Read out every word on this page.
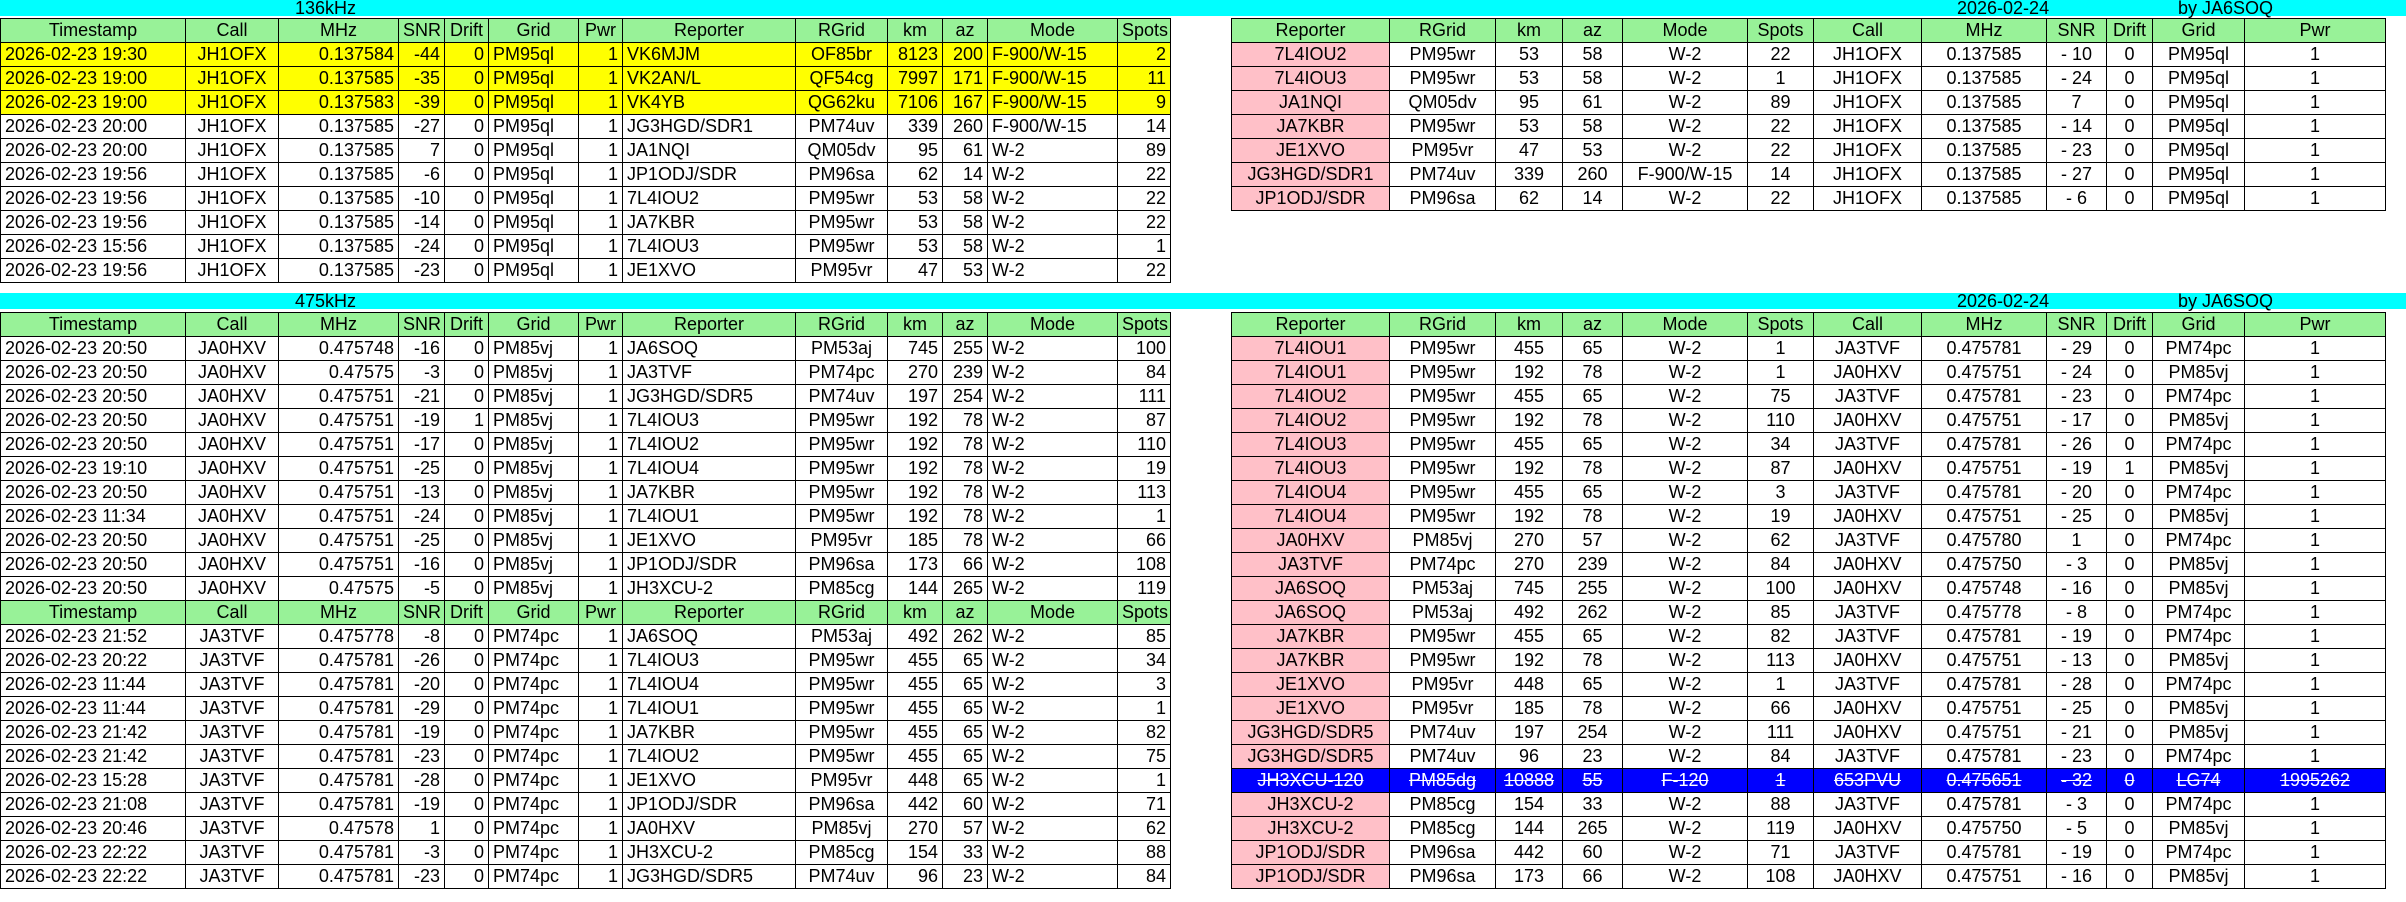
136kHz	2026-02-24	by JA6SOQ
475kHz	2026-02-24	by JA6SOQ
Timestamp	Call	MHz	SNR	Drift	Grid	Pwr	Reporter	RGrid	km	az	Mode	Spots
2026-02-23 19:30	JH1OFX	0.137584	-44	0	PM95ql	1	VK6MJM	OF85br	8123	200	F-900/W-15	2
2026-02-23 19:00	JH1OFX	0.137585	-35	0	PM95ql	1	VK2AN/L	QF54cg	7997	171	F-900/W-15	11
2026-02-23 19:00	JH1OFX	0.137583	-39	0	PM95ql	1	VK4YB	QG62ku	7106	167	F-900/W-15	9
2026-02-23 20:00	JH1OFX	0.137585	-27	0	PM95ql	1	JG3HGD/SDR1	PM74uv	339	260	F-900/W-15	14
2026-02-23 20:00	JH1OFX	0.137585	7	0	PM95ql	1	JA1NQI	QM05dv	95	61	W-2	89
2026-02-23 19:56	JH1OFX	0.137585	-6	0	PM95ql	1	JP1ODJ/SDR	PM96sa	62	14	W-2	22
2026-02-23 19:56	JH1OFX	0.137585	-10	0	PM95ql	1	7L4IOU2	PM95wr	53	58	W-2	22
2026-02-23 19:56	JH1OFX	0.137585	-14	0	PM95ql	1	JA7KBR	PM95wr	53	58	W-2	22
2026-02-23 15:56	JH1OFX	0.137585	-24	0	PM95ql	1	7L4IOU3	PM95wr	53	58	W-2	1
2026-02-23 19:56	JH1OFX	0.137585	-23	0	PM95ql	1	JE1XVO	PM95vr	47	53	W-2	22
Reporter	RGrid	km	az	Mode	Spots	Call	MHz	SNR	Drift	Grid	Pwr
7L4IOU2	PM95wr	53	58	W-2	22	JH1OFX	0.137585	- 10	0	PM95ql	1
7L4IOU3	PM95wr	53	58	W-2	1	JH1OFX	0.137585	- 24	0	PM95ql	1
JA1NQI	QM05dv	95	61	W-2	89	JH1OFX	0.137585	7	0	PM95ql	1
JA7KBR	PM95wr	53	58	W-2	22	JH1OFX	0.137585	- 14	0	PM95ql	1
JE1XVO	PM95vr	47	53	W-2	22	JH1OFX	0.137585	- 23	0	PM95ql	1
JG3HGD/SDR1	PM74uv	339	260	F-900/W-15	14	JH1OFX	0.137585	- 27	0	PM95ql	1
JP1ODJ/SDR	PM96sa	62	14	W-2	22	JH1OFX	0.137585	- 6	0	PM95ql	1
Timestamp	Call	MHz	SNR	Drift	Grid	Pwr	Reporter	RGrid	km	az	Mode	Spots
2026-02-23 20:50	JA0HXV	0.475748	-16	0	PM85vj	1	JA6SOQ	PM53aj	745	255	W-2	100
2026-02-23 20:50	JA0HXV	0.47575	-3	0	PM85vj	1	JA3TVF	PM74pc	270	239	W-2	84
2026-02-23 20:50	JA0HXV	0.475751	-21	0	PM85vj	1	JG3HGD/SDR5	PM74uv	197	254	W-2	111
2026-02-23 20:50	JA0HXV	0.475751	-19	1	PM85vj	1	7L4IOU3	PM95wr	192	78	W-2	87
2026-02-23 20:50	JA0HXV	0.475751	-17	0	PM85vj	1	7L4IOU2	PM95wr	192	78	W-2	110
2026-02-23 19:10	JA0HXV	0.475751	-25	0	PM85vj	1	7L4IOU4	PM95wr	192	78	W-2	19
2026-02-23 20:50	JA0HXV	0.475751	-13	0	PM85vj	1	JA7KBR	PM95wr	192	78	W-2	113
2026-02-23 11:34	JA0HXV	0.475751	-24	0	PM85vj	1	7L4IOU1	PM95wr	192	78	W-2	1
2026-02-23 20:50	JA0HXV	0.475751	-25	0	PM85vj	1	JE1XVO	PM95vr	185	78	W-2	66
2026-02-23 20:50	JA0HXV	0.475751	-16	0	PM85vj	1	JP1ODJ/SDR	PM96sa	173	66	W-2	108
2026-02-23 20:50	JA0HXV	0.47575	-5	0	PM85vj	1	JH3XCU-2	PM85cg	144	265	W-2	119
Timestamp	Call	MHz	SNR	Drift	Grid	Pwr	Reporter	RGrid	km	az	Mode	Spots
2026-02-23 21:52	JA3TVF	0.475778	-8	0	PM74pc	1	JA6SOQ	PM53aj	492	262	W-2	85
2026-02-23 20:22	JA3TVF	0.475781	-26	0	PM74pc	1	7L4IOU3	PM95wr	455	65	W-2	34
2026-02-23 11:44	JA3TVF	0.475781	-20	0	PM74pc	1	7L4IOU4	PM95wr	455	65	W-2	3
2026-02-23 11:44	JA3TVF	0.475781	-29	0	PM74pc	1	7L4IOU1	PM95wr	455	65	W-2	1
2026-02-23 21:42	JA3TVF	0.475781	-19	0	PM74pc	1	JA7KBR	PM95wr	455	65	W-2	82
2026-02-23 21:42	JA3TVF	0.475781	-23	0	PM74pc	1	7L4IOU2	PM95wr	455	65	W-2	75
2026-02-23 15:28	JA3TVF	0.475781	-28	0	PM74pc	1	JE1XVO	PM95vr	448	65	W-2	1
2026-02-23 21:08	JA3TVF	0.475781	-19	0	PM74pc	1	JP1ODJ/SDR	PM96sa	442	60	W-2	71
2026-02-23 20:46	JA3TVF	0.47578	1	0	PM74pc	1	JA0HXV	PM85vj	270	57	W-2	62
2026-02-23 22:22	JA3TVF	0.475781	-3	0	PM74pc	1	JH3XCU-2	PM85cg	154	33	W-2	88
2026-02-23 22:22	JA3TVF	0.475781	-23	0	PM74pc	1	JG3HGD/SDR5	PM74uv	96	23	W-2	84
Reporter	RGrid	km	az	Mode	Spots	Call	MHz	SNR	Drift	Grid	Pwr
7L4IOU1	PM95wr	455	65	W-2	1	JA3TVF	0.475781	- 29	0	PM74pc	1
7L4IOU1	PM95wr	192	78	W-2	1	JA0HXV	0.475751	- 24	0	PM85vj	1
7L4IOU2	PM95wr	455	65	W-2	75	JA3TVF	0.475781	- 23	0	PM74pc	1
7L4IOU2	PM95wr	192	78	W-2	110	JA0HXV	0.475751	- 17	0	PM85vj	1
7L4IOU3	PM95wr	455	65	W-2	34	JA3TVF	0.475781	- 26	0	PM74pc	1
7L4IOU3	PM95wr	192	78	W-2	87	JA0HXV	0.475751	- 19	1	PM85vj	1
7L4IOU4	PM95wr	455	65	W-2	3	JA3TVF	0.475781	- 20	0	PM74pc	1
7L4IOU4	PM95wr	192	78	W-2	19	JA0HXV	0.475751	- 25	0	PM85vj	1
JA0HXV	PM85vj	270	57	W-2	62	JA3TVF	0.475780	1	0	PM74pc	1
JA3TVF	PM74pc	270	239	W-2	84	JA0HXV	0.475750	- 3	0	PM85vj	1
JA6SOQ	PM53aj	745	255	W-2	100	JA0HXV	0.475748	- 16	0	PM85vj	1
JA6SOQ	PM53aj	492	262	W-2	85	JA3TVF	0.475778	- 8	0	PM74pc	1
JA7KBR	PM95wr	455	65	W-2	82	JA3TVF	0.475781	- 19	0	PM74pc	1
JA7KBR	PM95wr	192	78	W-2	113	JA0HXV	0.475751	- 13	0	PM85vj	1
JE1XVO	PM95vr	448	65	W-2	1	JA3TVF	0.475781	- 28	0	PM74pc	1
JE1XVO	PM95vr	185	78	W-2	66	JA0HXV	0.475751	- 25	0	PM85vj	1
JG3HGD/SDR5	PM74uv	197	254	W-2	111	JA0HXV	0.475751	- 21	0	PM85vj	1
JG3HGD/SDR5	PM74uv	96	23	W-2	84	JA3TVF	0.475781	- 23	0	PM74pc	1
JH3XCU-120	PM85dg	10888	55	F-120	1	653PVU	0.475651	- 32	0	LG74	1995262
JH3XCU-2	PM85cg	154	33	W-2	88	JA3TVF	0.475781	- 3	0	PM74pc	1
JH3XCU-2	PM85cg	144	265	W-2	119	JA0HXV	0.475750	- 5	0	PM85vj	1
JP1ODJ/SDR	PM96sa	442	60	W-2	71	JA3TVF	0.475781	- 19	0	PM74pc	1
JP1ODJ/SDR	PM96sa	173	66	W-2	108	JA0HXV	0.475751	- 16	0	PM85vj	1
